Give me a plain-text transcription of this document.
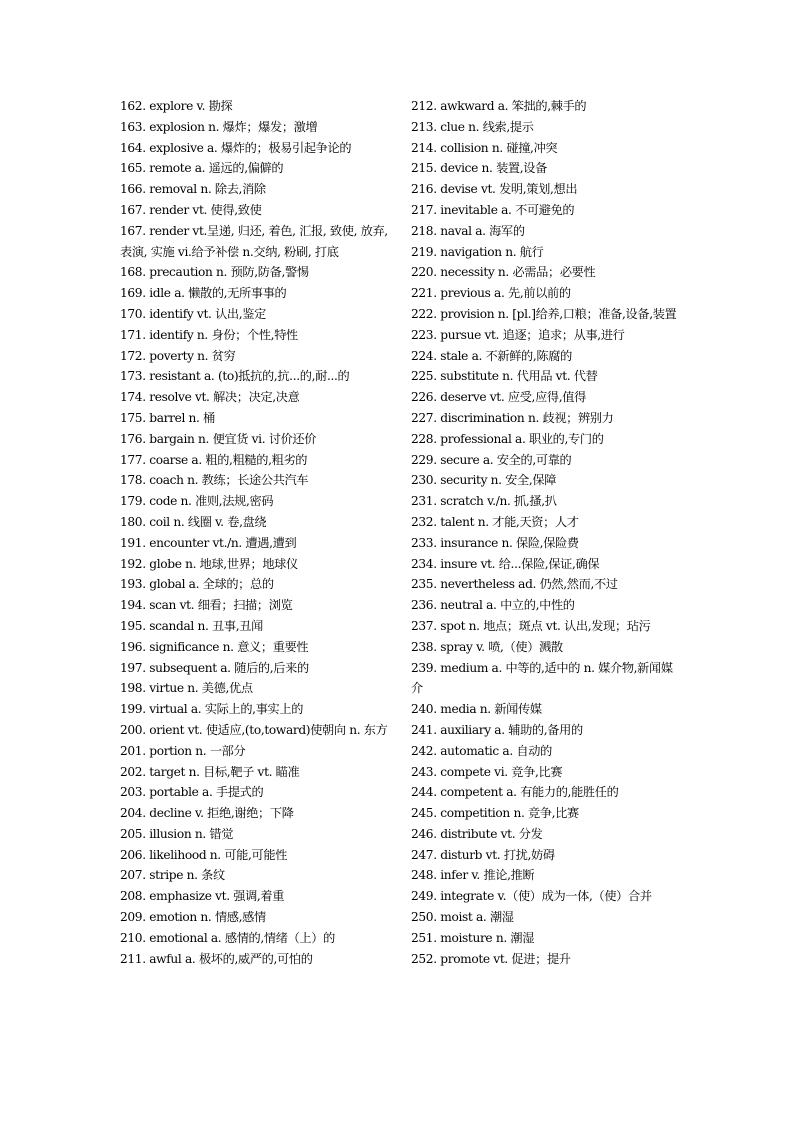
162. explore v. 勘探
163. explosion n. 爆炸；爆发；激增
164. explosive a. 爆炸的；极易引起争论的
165. remote a. 遥远的,偏僻的
166. removal n. 除去,消除
167. render vt. 使得,致使
167. render vt.呈递, 归还, 着色, 汇报, 致使, 放弃, 表演, 实施 vi.给予补偿 n.交纳, 粉刷, 打底
168. precaution n. 预防,防备,警惕
169. idle a. 懒散的,无所事事的
170. identify vt. 认出,鉴定
171. identify n. 身份；个性,特性
172. poverty n. 贫穷
173. resistant a. (to)抵抗的,抗...的,耐...的
174. resolve vt. 解决；决定,决意
175. barrel n. 桶
176. bargain n. 便宜货 vi. 讨价还价
177. coarse a. 粗的,粗糙的,粗劣的
178. coach n. 教练；长途公共汽车
179. code n. 准则,法规,密码
180. coil n. 线圈 v. 卷,盘绕
191. encounter vt./n. 遭遇,遭到
192. globe n. 地球,世界；地球仪
193. global a. 全球的；总的
194. scan vt. 细看；扫描；浏览
195. scandal n. 丑事,丑闻
196. significance n. 意义；重要性
197. subsequent a. 随后的,后来的
198. virtue n. 美德,优点
199. virtual a. 实际上的,事实上的
200. orient vt. 使适应,(to,toward)使朝向 n. 东方
201. portion n. 一部分
202. target n. 目标,靶子 vt. 瞄准
203. portable a. 手提式的
204. decline v. 拒绝,谢绝；下降
205. illusion n. 错觉
206. likelihood n. 可能,可能性
207. stripe n. 条纹
208. emphasize vt. 强调,着重
209. emotion n. 情感,感情
210. emotional a. 感情的,情绪（上）的
211. awful a. 极坏的,威严的,可怕的
212. awkward a. 笨拙的,棘手的
213. clue n. 线索,提示
214. collision n. 碰撞,冲突
215. device n. 装置,设备
216. devise vt. 发明,策划,想出
217. inevitable a. 不可避免的
218. naval a. 海军的
219. navigation n. 航行
220. necessity n. 必需品；必要性
221. previous a. 先,前以前的
222. provision n. [pl.]给养,口粮；准备,设备,装置
223. pursue vt. 追逐；追求；从事,进行
224. stale a. 不新鲜的,陈腐的
225. substitute n. 代用品 vt. 代替
226. deserve vt. 应受,应得,值得
227. discrimination n. 歧视；辨别力
228. professional a. 职业的,专门的
229. secure a. 安全的,可靠的
230. security n. 安全,保障
231. scratch v./n. 抓,搔,扒
232. talent n. 才能,天资；人才
233. insurance n. 保险,保险费
234. insure vt. 给...保险,保证,确保
235. nevertheless ad. 仍然,然而,不过
236. neutral a. 中立的,中性的
237. spot n. 地点；斑点 vt. 认出,发现；玷污
238. spray v. 喷,（使）溅散
239. medium a. 中等的,适中的 n. 媒介物,新闻媒介
240. media n. 新闻传媒
241. auxiliary a. 辅助的,备用的
242. automatic a. 自动的
243. compete vi. 竞争,比赛
244. competent a. 有能力的,能胜任的
245. competition n. 竞争,比赛
246. distribute vt. 分发
247. disturb vt. 打扰,妨碍
248. infer v. 推论,推断
249. integrate v.（使）成为一体,（使）合并
250. moist a. 潮湿
251. moisture n. 潮湿
252. promote vt. 促进；提升
